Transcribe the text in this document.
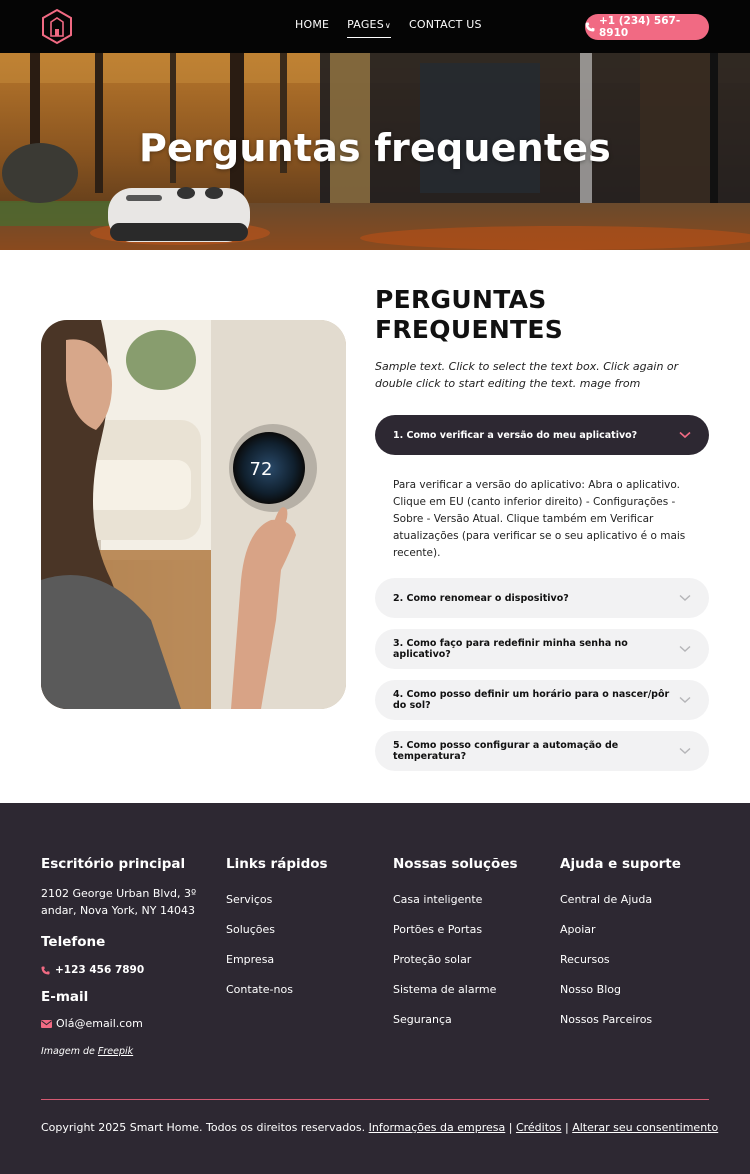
HOME PAGES∨ CONTACT US	+1 (234) 567-8910
Perguntas frequentes
72
PERGUNTAS
FREQUENTES
Sample text. Click to select the text box. Click again or double click to start editing the text. mage from
1. Como verificar a versão do meu aplicativo?
Para verificar a versão do aplicativo: Abra o aplicativo. Clique em EU (canto inferior direito) - Configurações - Sobre - Versão Atual. Clique também em Verificar atualizações (para verificar se o seu aplicativo é o mais recente).
2. Como renomear o dispositivo?
3. Como faço para redefinir minha senha no aplicativo?
4. Como posso definir um horário para o nascer/pôr do sol?
5. Como posso configurar a automação de temperatura?
Escritório principal
2102 George Urban Blvd, 3º andar, Nova York, NY 14043
Telefone
+123 456 7890
E-mail
Olá@email.com
Imagem de Freepik
Links rápidos
Serviços
Soluções
Empresa
Contate-nos
Nossas soluções
Casa inteligente
Portões e Portas
Proteção solar
Sistema de alarme
Segurança
Ajuda e suporte
Central de Ajuda
Apoiar
Recursos
Nosso Blog
Nossos Parceiros
Copyright 2025 Smart Home. Todos os direitos reservados. Informações da empresa | Créditos | Alterar seu consentimento
